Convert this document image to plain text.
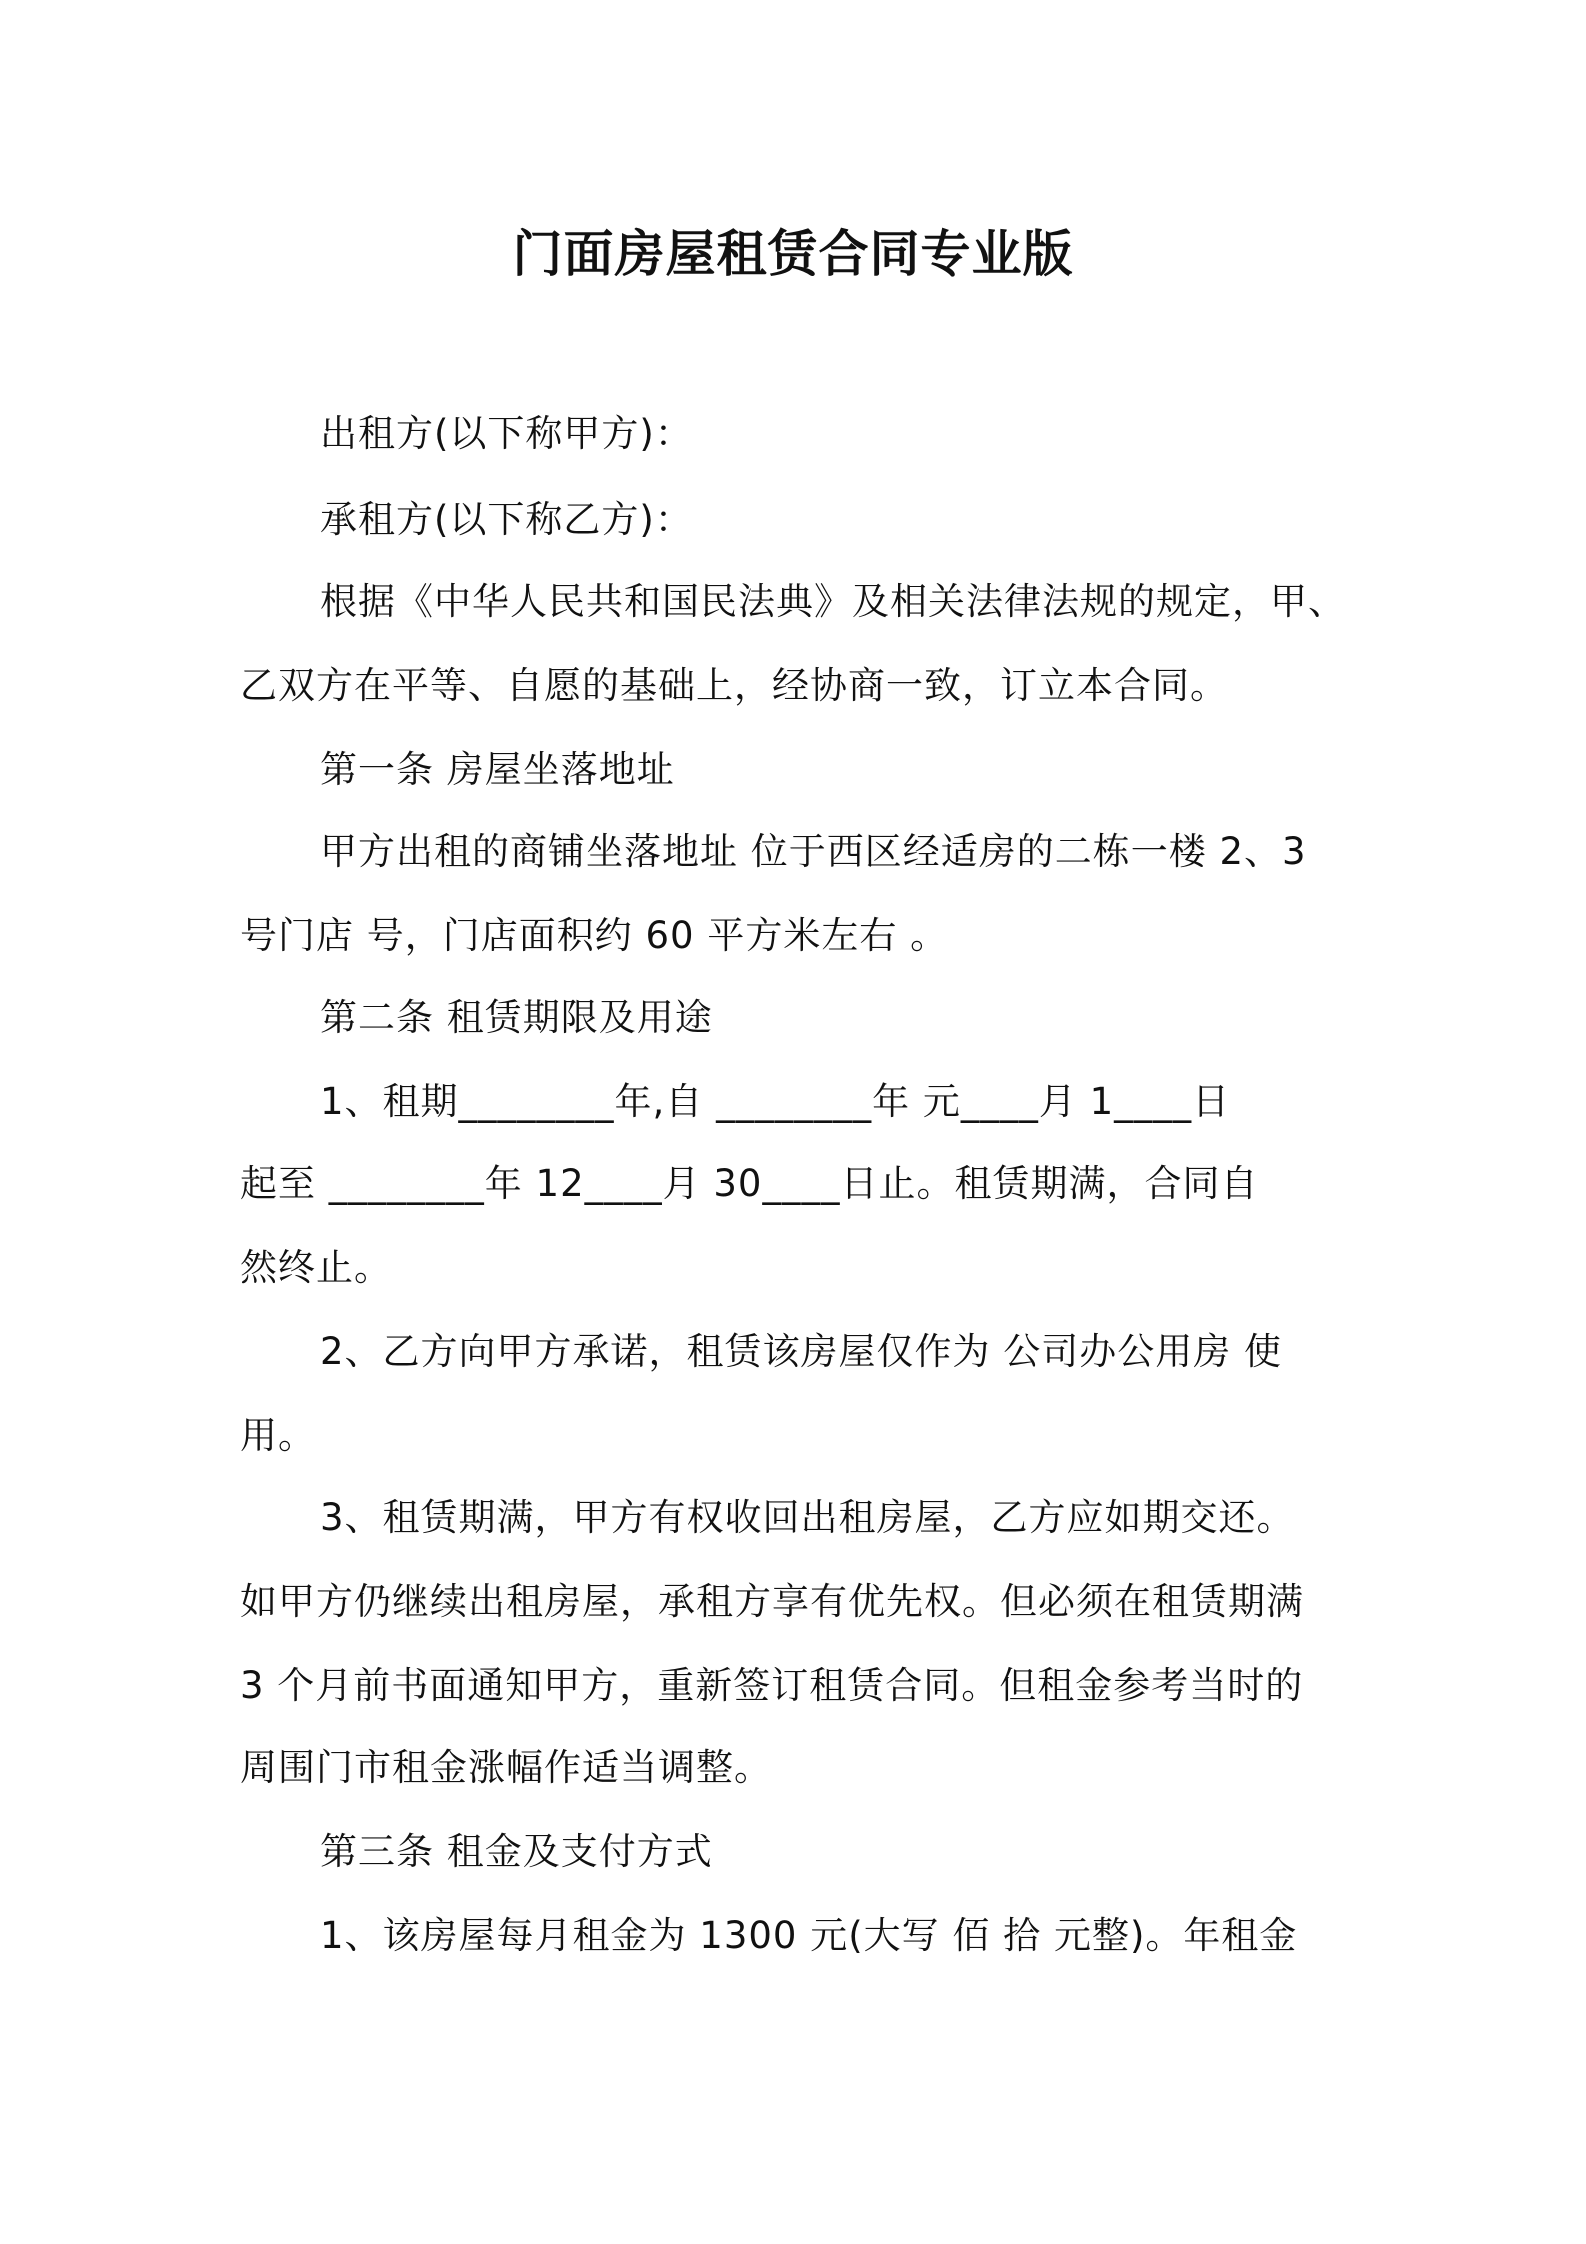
门面房屋租赁合同专业版
出租方(以下称甲方)：
承租方(以下称乙方)：
根据《中华人民共和国民法典》及相关法律法规的规定，甲、
乙双方在平等、自愿的基础上，经协商一致，订立本合同。
第一条 房屋坐落地址
甲方出租的商铺坐落地址 位于西区经适房的二栋一楼 2、3
号门店 号，门店面积约 60 平方米左右 。
第二条 租赁期限及用途
1、租期________年,自 ________年 元____月 1____日
起至 ________年 12____月 30____日止。租赁期满，合同自
然终止。
2、乙方向甲方承诺，租赁该房屋仅作为 公司办公用房 使
用。
3、租赁期满，甲方有权收回出租房屋，乙方应如期交还。
如甲方仍继续出租房屋，承租方享有优先权。但必须在租赁期满
3 个月前书面通知甲方，重新签订租赁合同。但租金参考当时的
周围门市租金涨幅作适当调整。
第三条 租金及支付方式
1、该房屋每月租金为 1300 元(大写 佰 拾 元整)。年租金
